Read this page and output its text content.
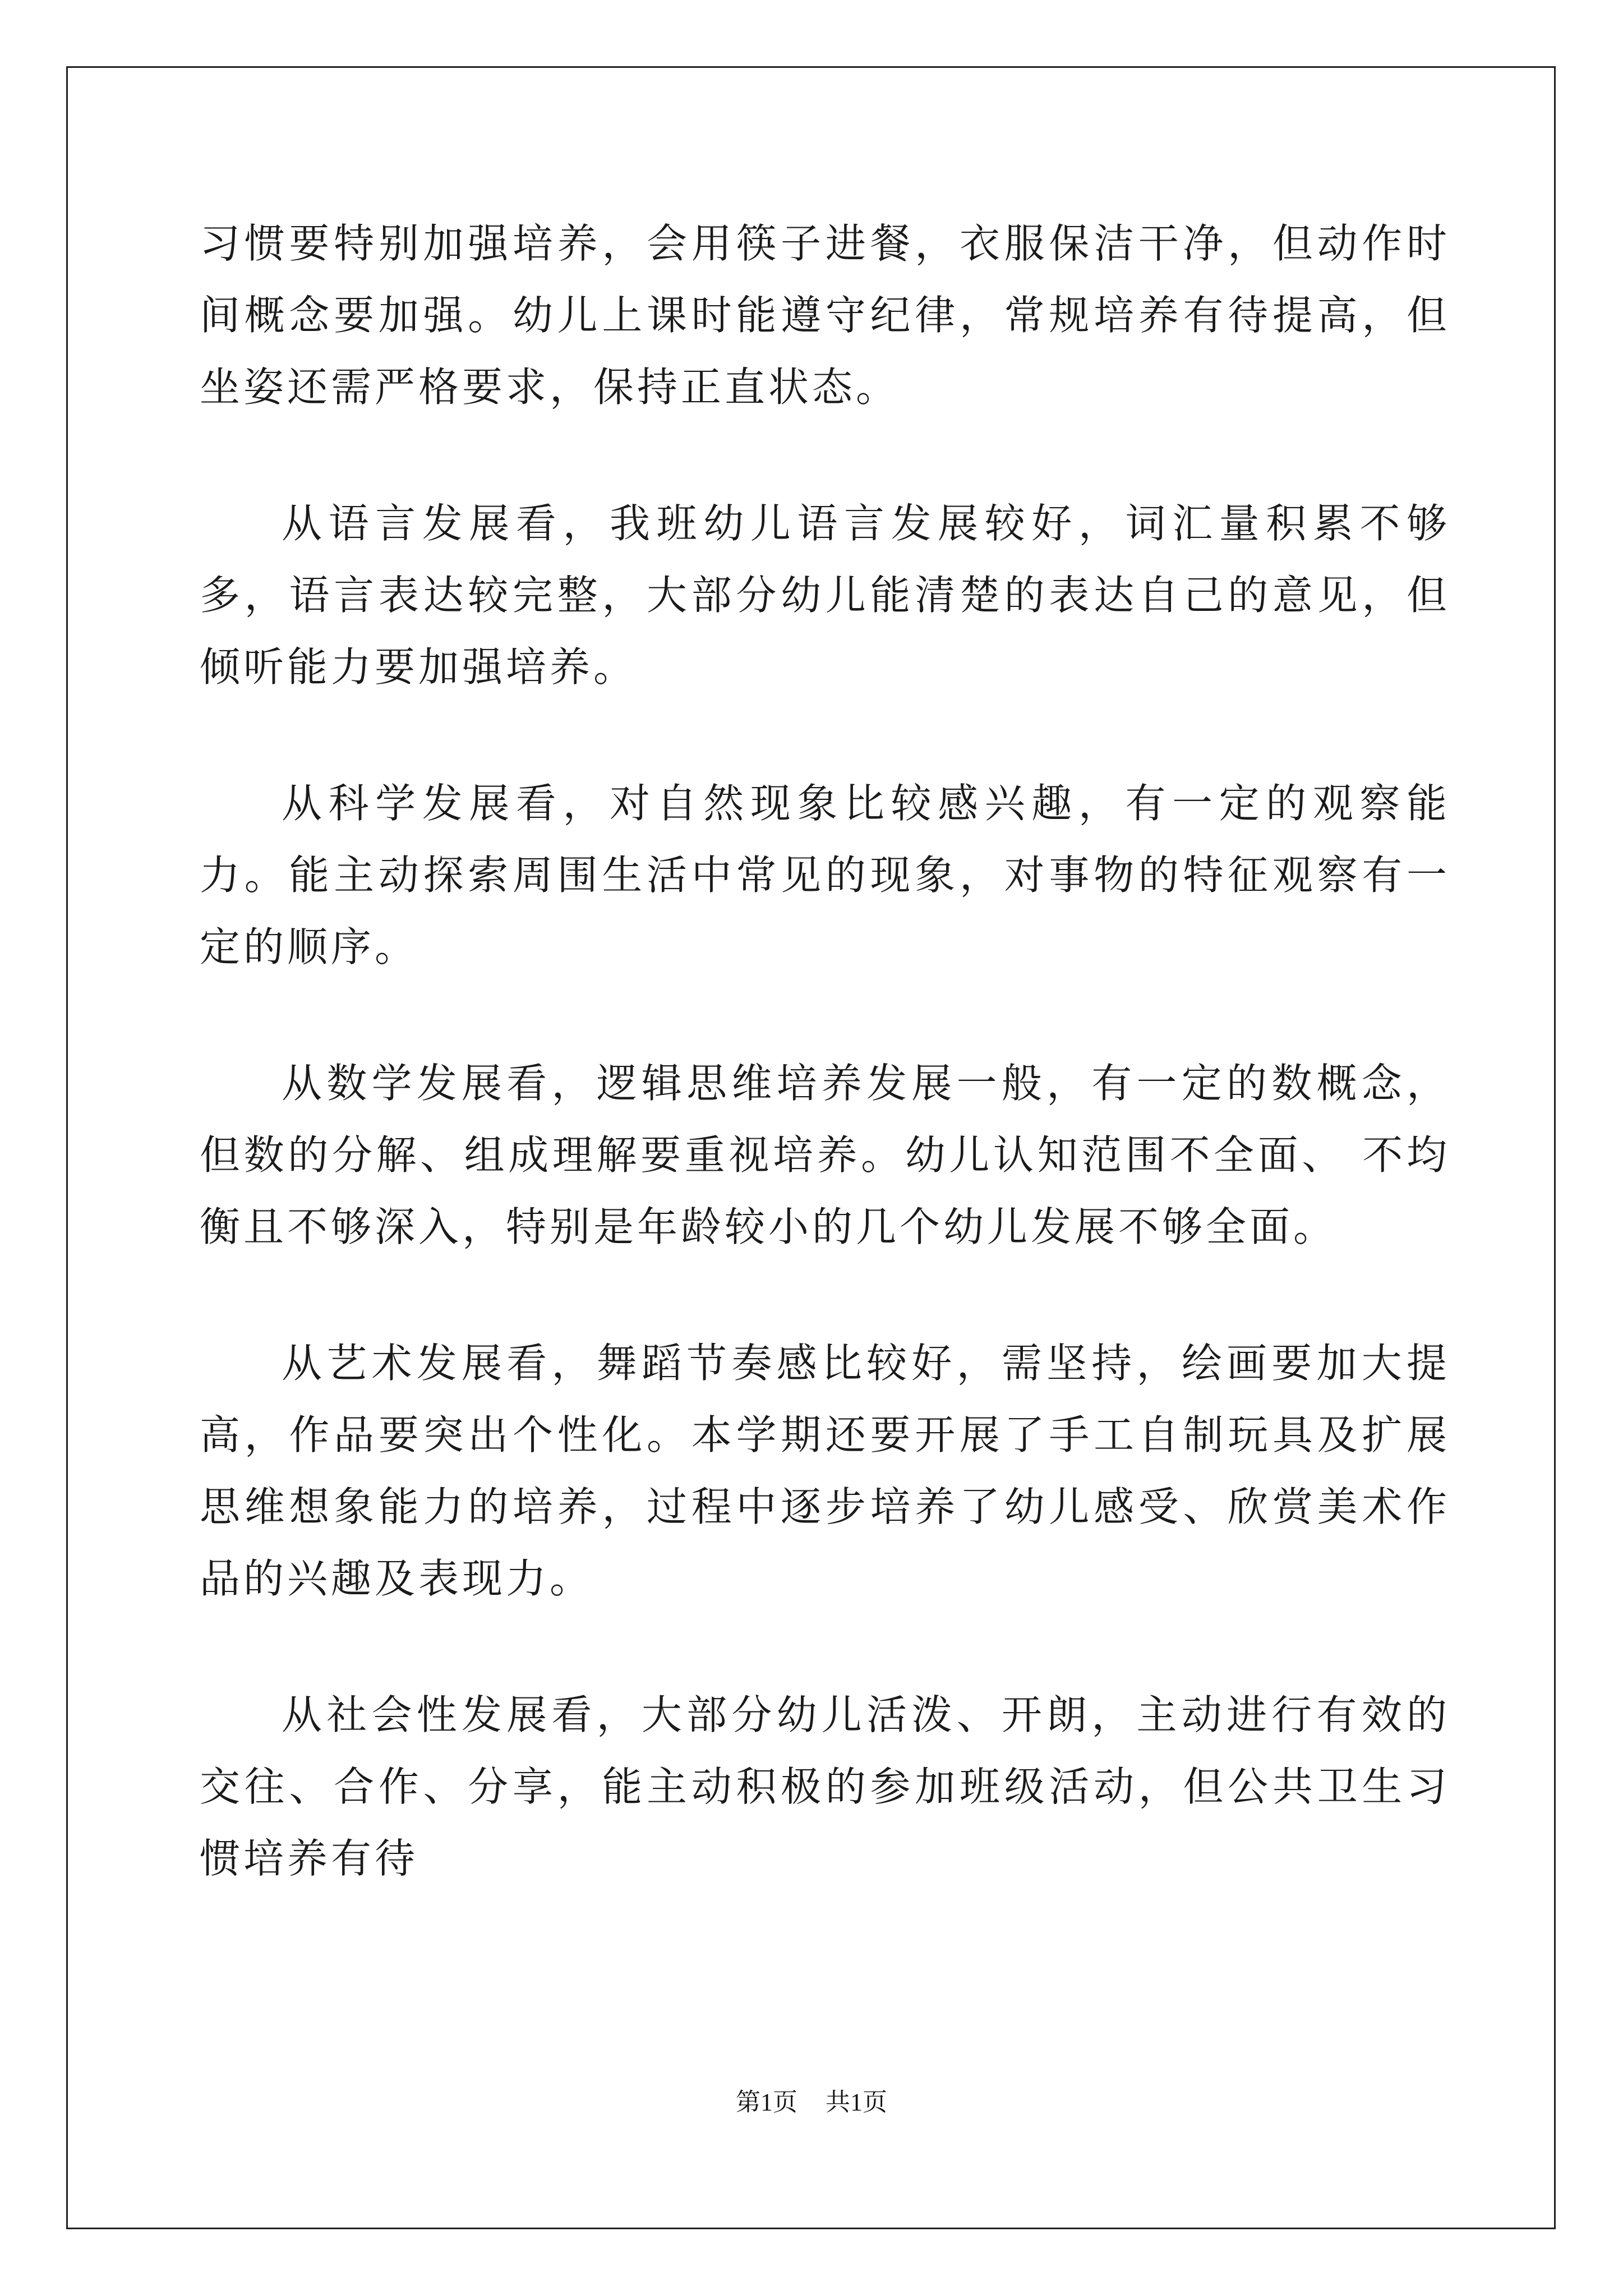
习惯要特别加强培养，会用筷子进餐，衣服保洁干净，但动作时间概念要加强。幼儿上课时能遵守纪律，常规培养有待提高，但坐姿还需严格要求，保持正直状态。

从语言发展看，我班幼儿语言发展较好，词汇量积累不够多，语言表达较完整，大部分幼儿能清楚的表达自己的意见，但倾听能力要加强培养。

从科学发展看，对自然现象比较感兴趣，有一定的观察能力。能主动探索周围生活中常见的现象，对事物的特征观察有一定的顺序。

从数学发展看，逻辑思维培养发展一般，有一定的数概念，但数的分解、组成理解要重视培养。幼儿认知范围不全面、 不均衡且不够深入，特别是年龄较小的几个幼儿发展不够全面。

从艺术发展看，舞蹈节奏感比较好，需坚持，绘画要加大提高，作品要突出个性化。本学期还要开展了手工自制玩具及扩展思维想象能力的培养，过程中逐步培养了幼儿感受、欣赏美术作品的兴趣及表现力。

从社会性发展看，大部分幼儿活泼、开朗，主动进行有效的交往、合作、分享，能主动积极的参加班级活动，但公共卫生习惯培养有待

第1页 共1页
